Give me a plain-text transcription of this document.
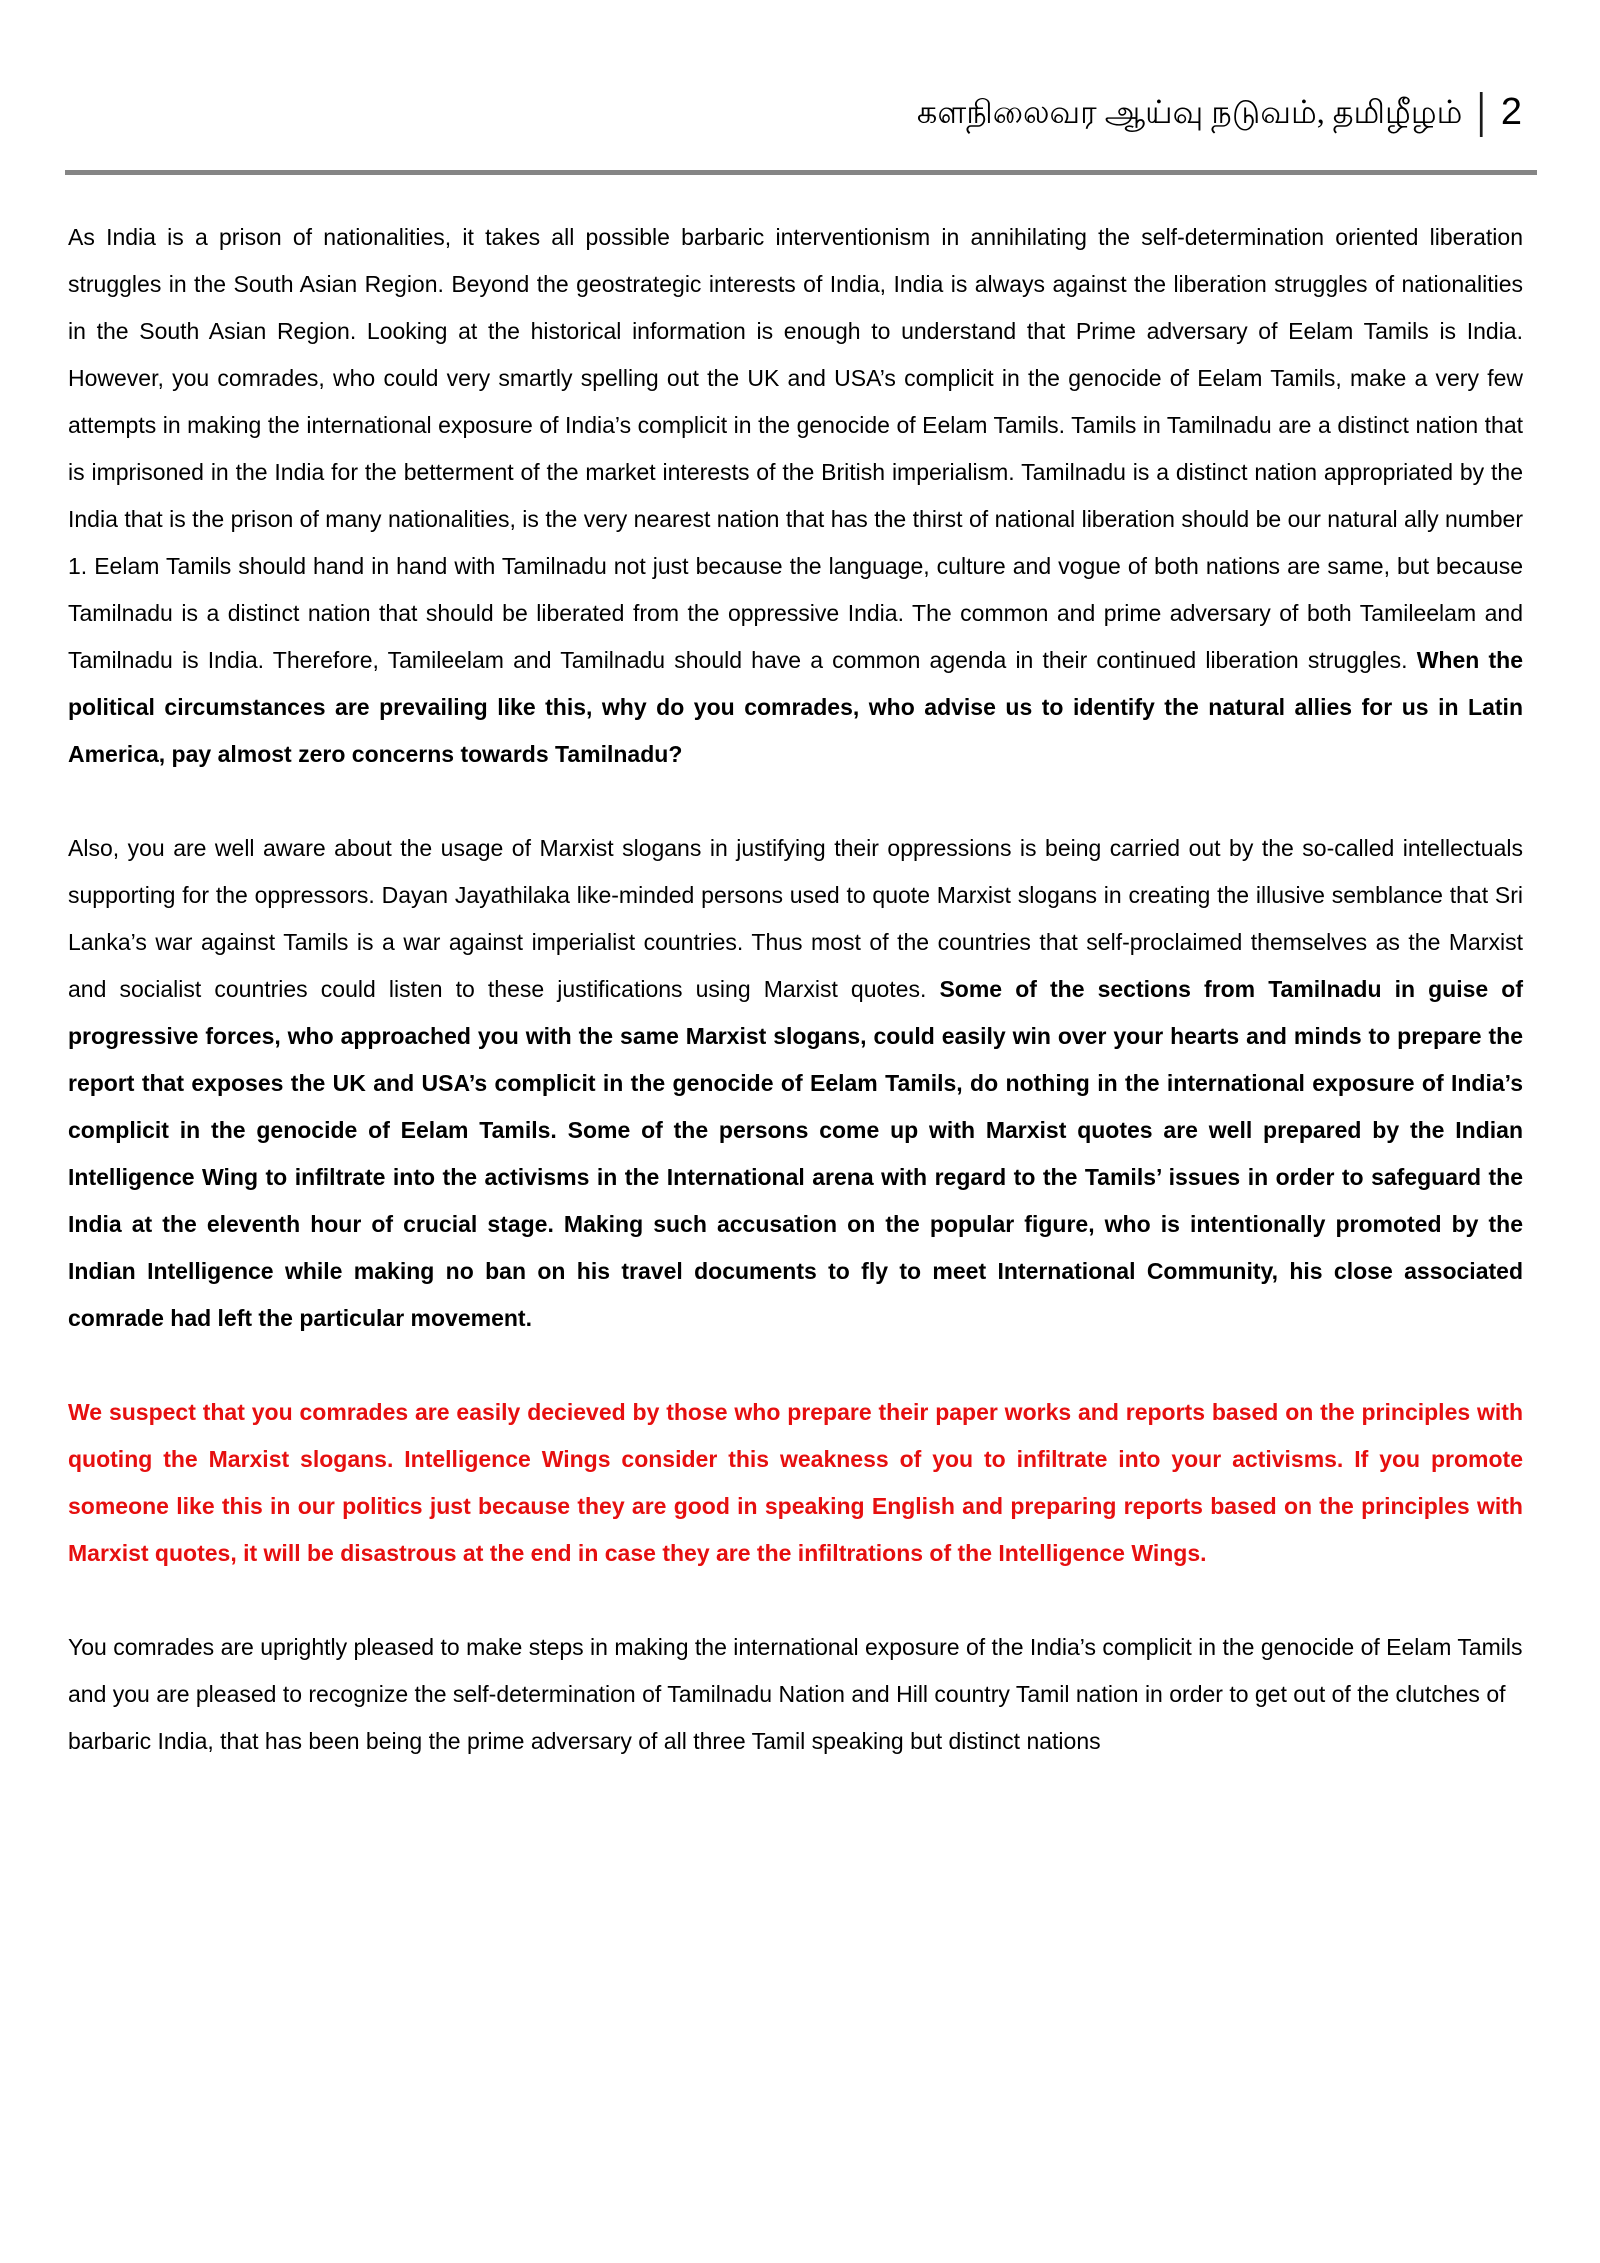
களநிலைவர ஆய்வு நடுவம், தமிழீழம் | 2

As India is a prison of nationalities, it takes all possible barbaric interventionism in annihilating the self-determination oriented liberation struggles in the South Asian Region. Beyond the geostrategic interests of India, India is always against the liberation struggles of nationalities in the South Asian Region. Looking at the historical information is enough to understand that Prime adversary of Eelam Tamils is India. However, you comrades, who could very smartly spelling out the UK and USA’s complicit in the genocide of Eelam Tamils, make a very few attempts in making the international exposure of India’s complicit in the genocide of Eelam Tamils. Tamils in Tamilnadu are a distinct nation that is imprisoned in the India for the betterment of the market interests of the British imperialism. Tamilnadu is a distinct nation appropriated by the India that is the prison of many nationalities, is the very nearest nation that has the thirst of national liberation should be our natural ally number 1. Eelam Tamils should hand in hand with Tamilnadu not just because the language, culture and vogue of both nations are same, but because Tamilnadu is a distinct nation that should be liberated from the oppressive India. The common and prime adversary of both Tamileelam and Tamilnadu is India. Therefore, Tamileelam and Tamilnadu should have a common agenda in their continued liberation struggles. When the political circumstances are prevailing like this, why do you comrades, who advise us to identify the natural allies for us in Latin America, pay almost zero concerns towards Tamilnadu?

Also, you are well aware about the usage of Marxist slogans in justifying their oppressions is being carried out by the so-called intellectuals supporting for the oppressors. Dayan Jayathilaka like-minded persons used to quote Marxist slogans in creating the illusive semblance that Sri Lanka’s war against Tamils is a war against imperialist countries. Thus most of the countries that self-proclaimed themselves as the Marxist and socialist countries could listen to these justifications using Marxist quotes. Some of the sections from Tamilnadu in guise of progressive forces, who approached you with the same Marxist slogans, could easily win over your hearts and minds to prepare the report that exposes the UK and USA’s complicit in the genocide of Eelam Tamils, do nothing in the international exposure of India’s complicit in the genocide of Eelam Tamils. Some of the persons come up with Marxist quotes are well prepared by the Indian Intelligence Wing to infiltrate into the activisms in the International arena with regard to the Tamils’ issues in order to safeguard the India at the eleventh hour of crucial stage. Making such accusation on the popular figure, who is intentionally promoted by the Indian Intelligence while making no ban on his travel documents to fly to meet International Community, his close associated comrade had left the particular movement.

We suspect that you comrades are easily decieved by those who prepare their paper works and reports based on the principles with quoting the Marxist slogans. Intelligence Wings consider this weakness of you to infiltrate into your activisms. If you promote someone like this in our politics just because they are good in speaking English and preparing reports based on the principles with Marxist quotes, it will be disastrous at the end in case they are the infiltrations of the Intelligence Wings.

You comrades are uprightly pleased to make steps in making the international exposure of the India’s complicit in the genocide of Eelam Tamils and you are pleased to recognize the self-determination of Tamilnadu Nation and Hill country Tamil nation in order to get out of the clutches of barbaric India, that has been being the prime adversary of all three Tamil speaking but distinct nations
